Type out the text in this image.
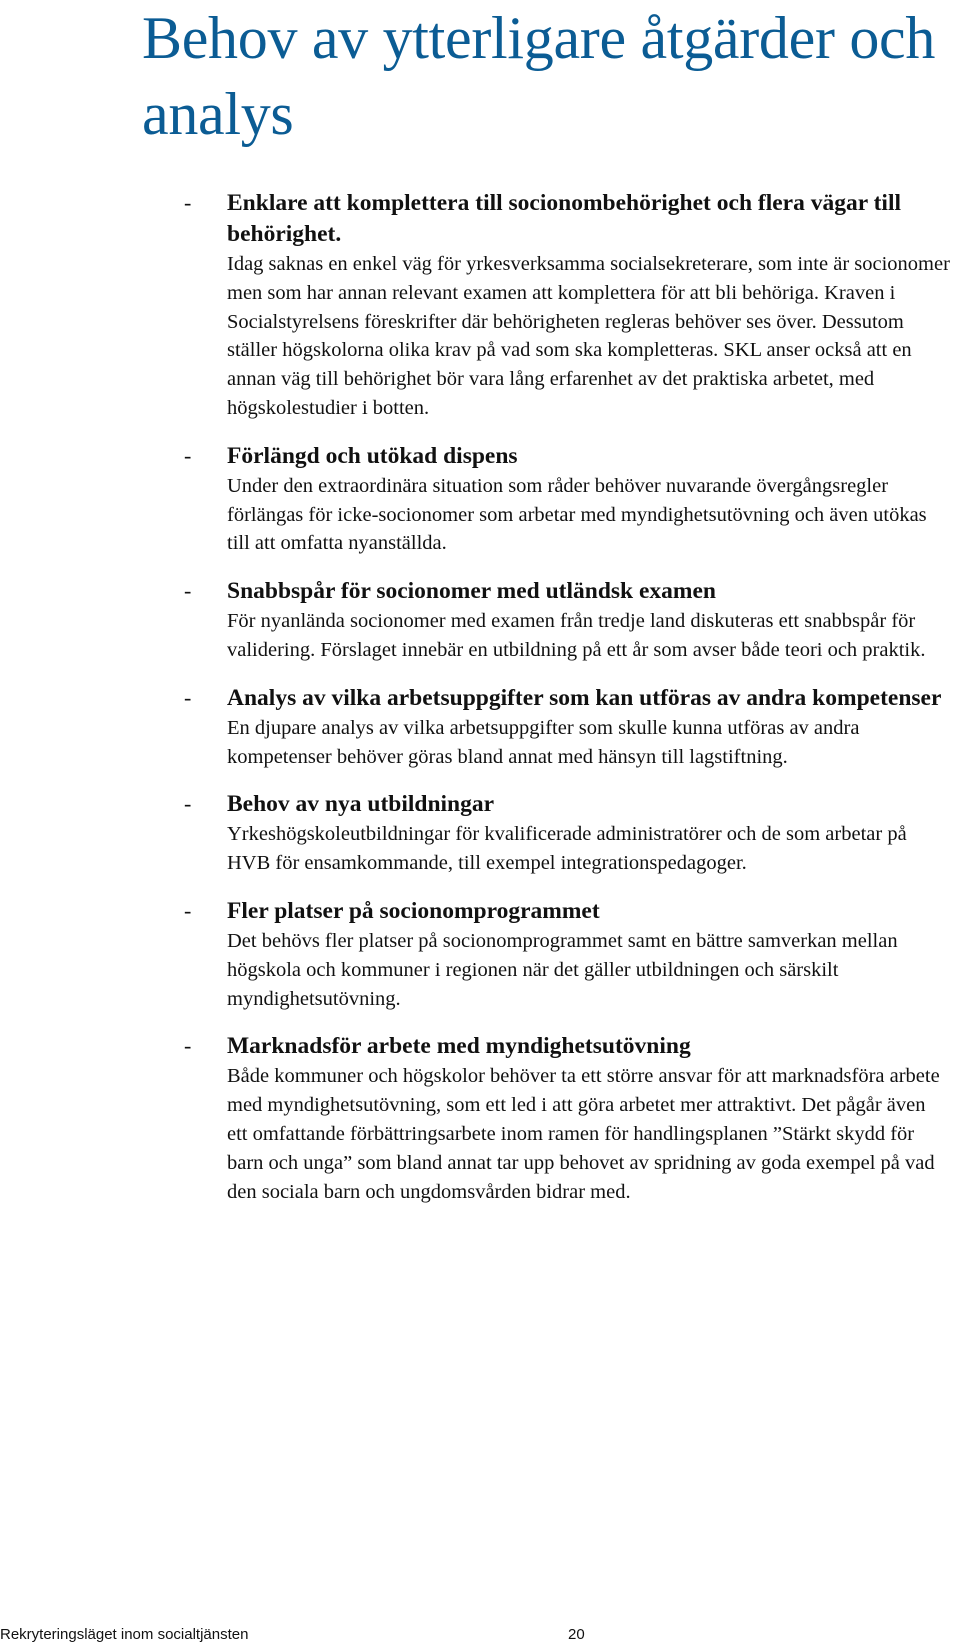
Behov av ytterligare åtgärder och analys
- Enklare att komplettera till socionombehörighet och flera vägar till behörighet.

Idag saknas en enkel väg för yrkesverksamma socialsekreterare, som inte är socionomer men som har annan relevant examen att komplettera för att bli behöriga. Kraven i Socialstyrelsens föreskrifter där behörigheten regleras behöver ses över. Dessutom ställer högskolorna olika krav på vad som ska kompletteras. SKL anser också att en annan väg till behörighet bör vara lång erfarenhet av det praktiska arbetet, med högskolestudier i botten.

- Förlängd och utökad dispens

Under den extraordinära situation som råder behöver nuvarande övergångsregler förlängas för icke-socionomer som arbetar med myndighetsutövning och även utökas till att omfatta nyanställda.

- Snabbspår för socionomer med utländsk examen

För nyanlända socionomer med examen från tredje land diskuteras ett snabbspår för validering. Förslaget innebär en utbildning på ett år som avser både teori och praktik.

- Analys av vilka arbetsuppgifter som kan utföras av andra kompetenser

En djupare analys av vilka arbetsuppgifter som skulle kunna utföras av andra kompetenser behöver göras bland annat med hänsyn till lagstiftning.

- Behov av nya utbildningar

Yrkeshögskoleutbildningar för kvalificerade administratörer och de som arbetar på HVB för ensamkommande, till exempel integrationspedagoger.

- Fler platser på socionomprogrammet

Det behövs fler platser på socionomprogrammet samt en bättre samverkan mellan högskola och kommuner i regionen när det gäller utbildningen och särskilt myndighetsutövning.

- Marknadsför arbete med myndighetsutövning

Både kommuner och högskolor behöver ta ett större ansvar för att marknadsföra arbete med myndighetsutövning, som ett led i att göra arbetet mer attraktivt. Det pågår även ett omfattande förbättringsarbete inom ramen för handlingsplanen ”Stärkt skydd för barn och unga” som bland annat tar upp behovet av spridning av goda exempel på vad den sociala barn och ungdomsvården bidrar med.

Rekryteringsläget inom socialtjänsten	20
